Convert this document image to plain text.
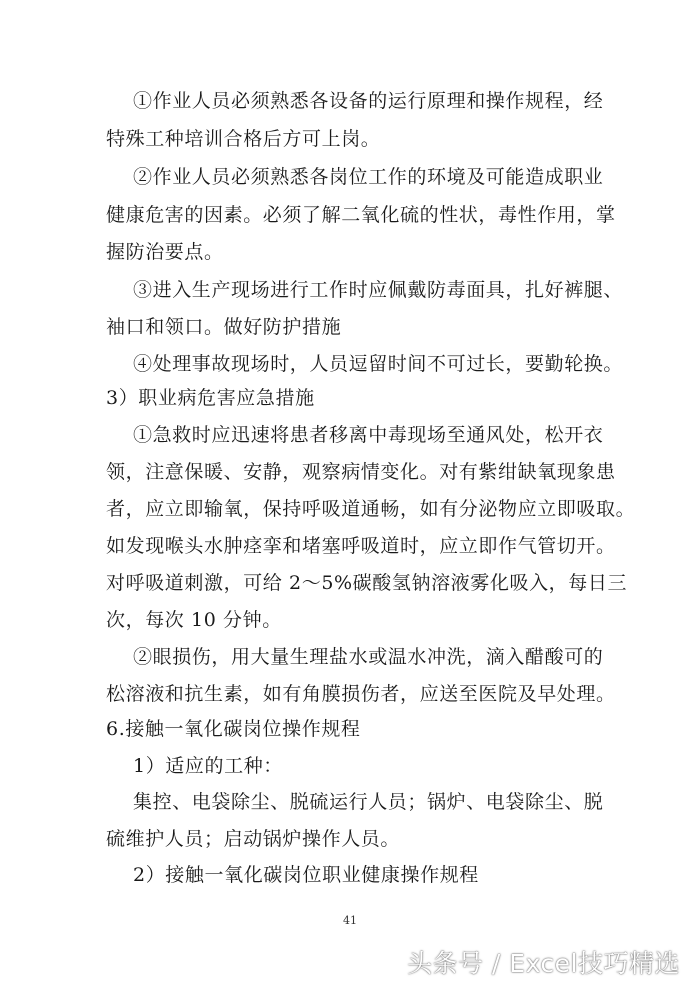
①作业人员必须熟悉各设备的运行原理和操作规程，经
特殊工种培训合格后方可上岗。
②作业人员必须熟悉各岗位工作的环境及可能造成职业
健康危害的因素。必须了解二氧化硫的性状，毒性作用，掌
握防治要点。
③进入生产现场进行工作时应佩戴防毒面具，扎好裤腿、
袖口和领口。做好防护措施
④处理事故现场时，人员逗留时间不可过长，要勤轮换。
3）职业病危害应急措施
①急救时应迅速将患者移离中毒现场至通风处，松开衣
领，注意保暖、安静，观察病情变化。对有紫绀缺氧现象患
者，应立即输氧，保持呼吸道通畅，如有分泌物应立即吸取。
如发现喉头水肿痉挛和堵塞呼吸道时，应立即作气管切开。
对呼吸道刺激，可给 2～5%碳酸氢钠溶液雾化吸入，每日三
次，每次 10 分钟。
②眼损伤，用大量生理盐水或温水冲洗，滴入醋酸可的
松溶液和抗生素，如有角膜损伤者，应送至医院及早处理。
6.接触一氧化碳岗位操作规程
1）适应的工种：
集控、电袋除尘、脱硫运行人员；锅炉、电袋除尘、脱
硫维护人员；启动锅炉操作人员。
2）接触一氧化碳岗位职业健康操作规程
41
头条号 / Excel技巧精选
